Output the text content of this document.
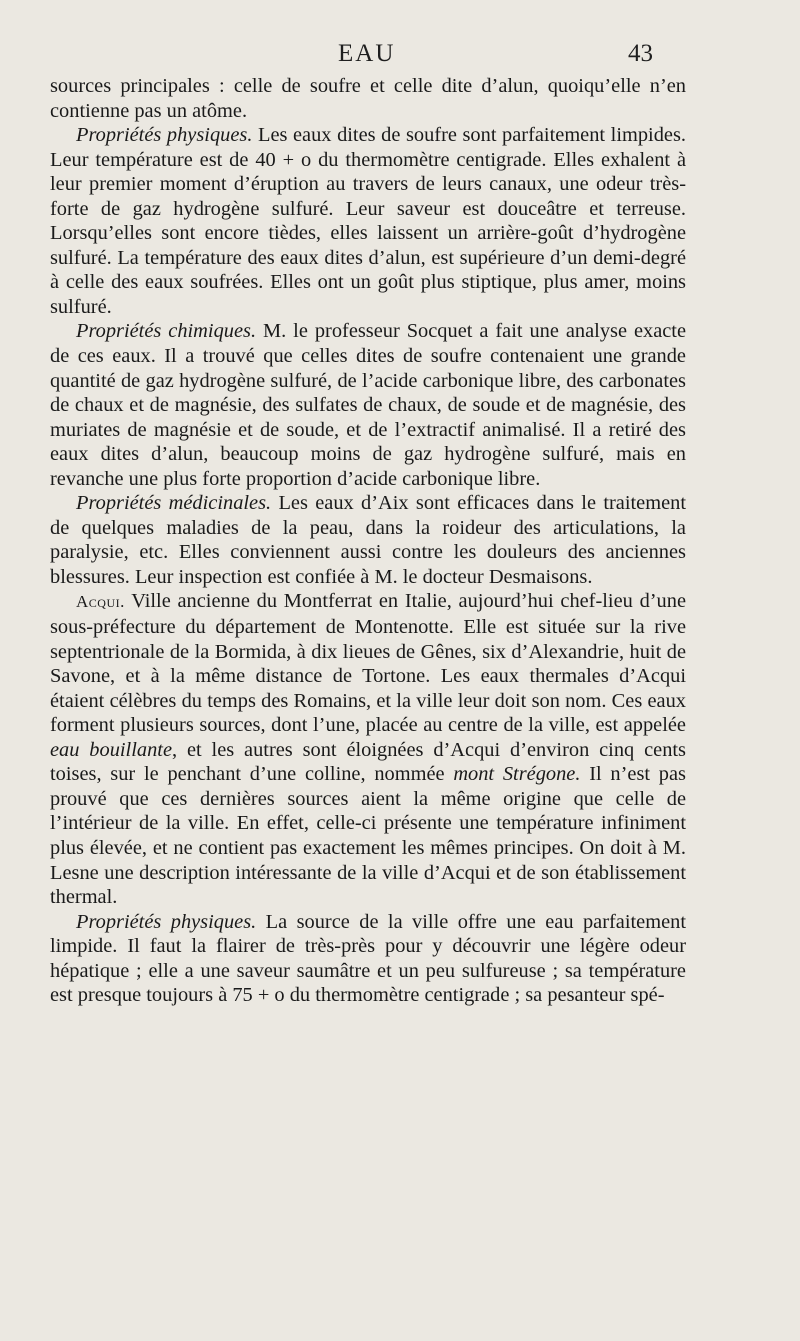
EAU	43

sources principales : celle de soufre et celle dite d’alun, quoiqu’elle n’en contienne pas un atôme.

Propriétés physiques. Les eaux dites de soufre sont parfaitement limpides. Leur température est de 40 + o du thermomètre centigrade. Elles exhalent à leur premier moment d’éruption au travers de leurs canaux, une odeur très-forte de gaz hydrogène sulfuré. Leur saveur est douceâtre et terreuse. Lorsqu’elles sont encore tièdes, elles laissent un arrière-goût d’hydrogène sulfuré. La température des eaux dites d’alun, est supérieure d’un demi-degré à celle des eaux soufrées. Elles ont un goût plus stiptique, plus amer, moins sulfuré.

Propriétés chimiques. M. le professeur Socquet a fait une analyse exacte de ces eaux. Il a trouvé que celles dites de soufre contenaient une grande quantité de gaz hydrogène sulfuré, de l’acide carbonique libre, des carbonates de chaux et de magnésie, des sulfates de chaux, de soude et de magnésie, des muriates de magnésie et de soude, et de l’extractif animalisé. Il a retiré des eaux dites d’alun, beaucoup moins de gaz hydrogène sulfuré, mais en revanche une plus forte proportion d’acide carbonique libre.

Propriétés médicinales. Les eaux d’Aix sont efficaces dans le traitement de quelques maladies de la peau, dans la roideur des articulations, la paralysie, etc. Elles conviennent aussi contre les douleurs des anciennes blessures. Leur inspection est confiée à M. le docteur Desmaisons.

Acqui. Ville ancienne du Montferrat en Italie, aujourd’hui chef-lieu d’une sous-préfecture du département de Montenotte. Elle est située sur la rive septentrionale de la Bormida, à dix lieues de Gênes, six d’Alexandrie, huit de Savone, et à la même distance de Tortone. Les eaux thermales d’Acqui étaient célèbres du temps des Romains, et la ville leur doit son nom. Ces eaux forment plusieurs sources, dont l’une, placée au centre de la ville, est appelée eau bouillante, et les autres sont éloignées d’Acqui d’environ cinq cents toises, sur le penchant d’une colline, nommée mont Strégone. Il n’est pas prouvé que ces dernières sources aient la même origine que celle de l’intérieur de la ville. En effet, celle-ci présente une température infiniment plus élevée, et ne contient pas exactement les mêmes principes. On doit à M. Lesne une description intéressante de la ville d’Acqui et de son établissement thermal.

Propriétés physiques. La source de la ville offre une eau parfaitement limpide. Il faut la flairer de très-près pour y découvrir une légère odeur hépatique ; elle a une saveur saumâtre et un peu sulfureuse ; sa température est presque toujours à 75 + o du thermomètre centigrade ; sa pesanteur spé-
